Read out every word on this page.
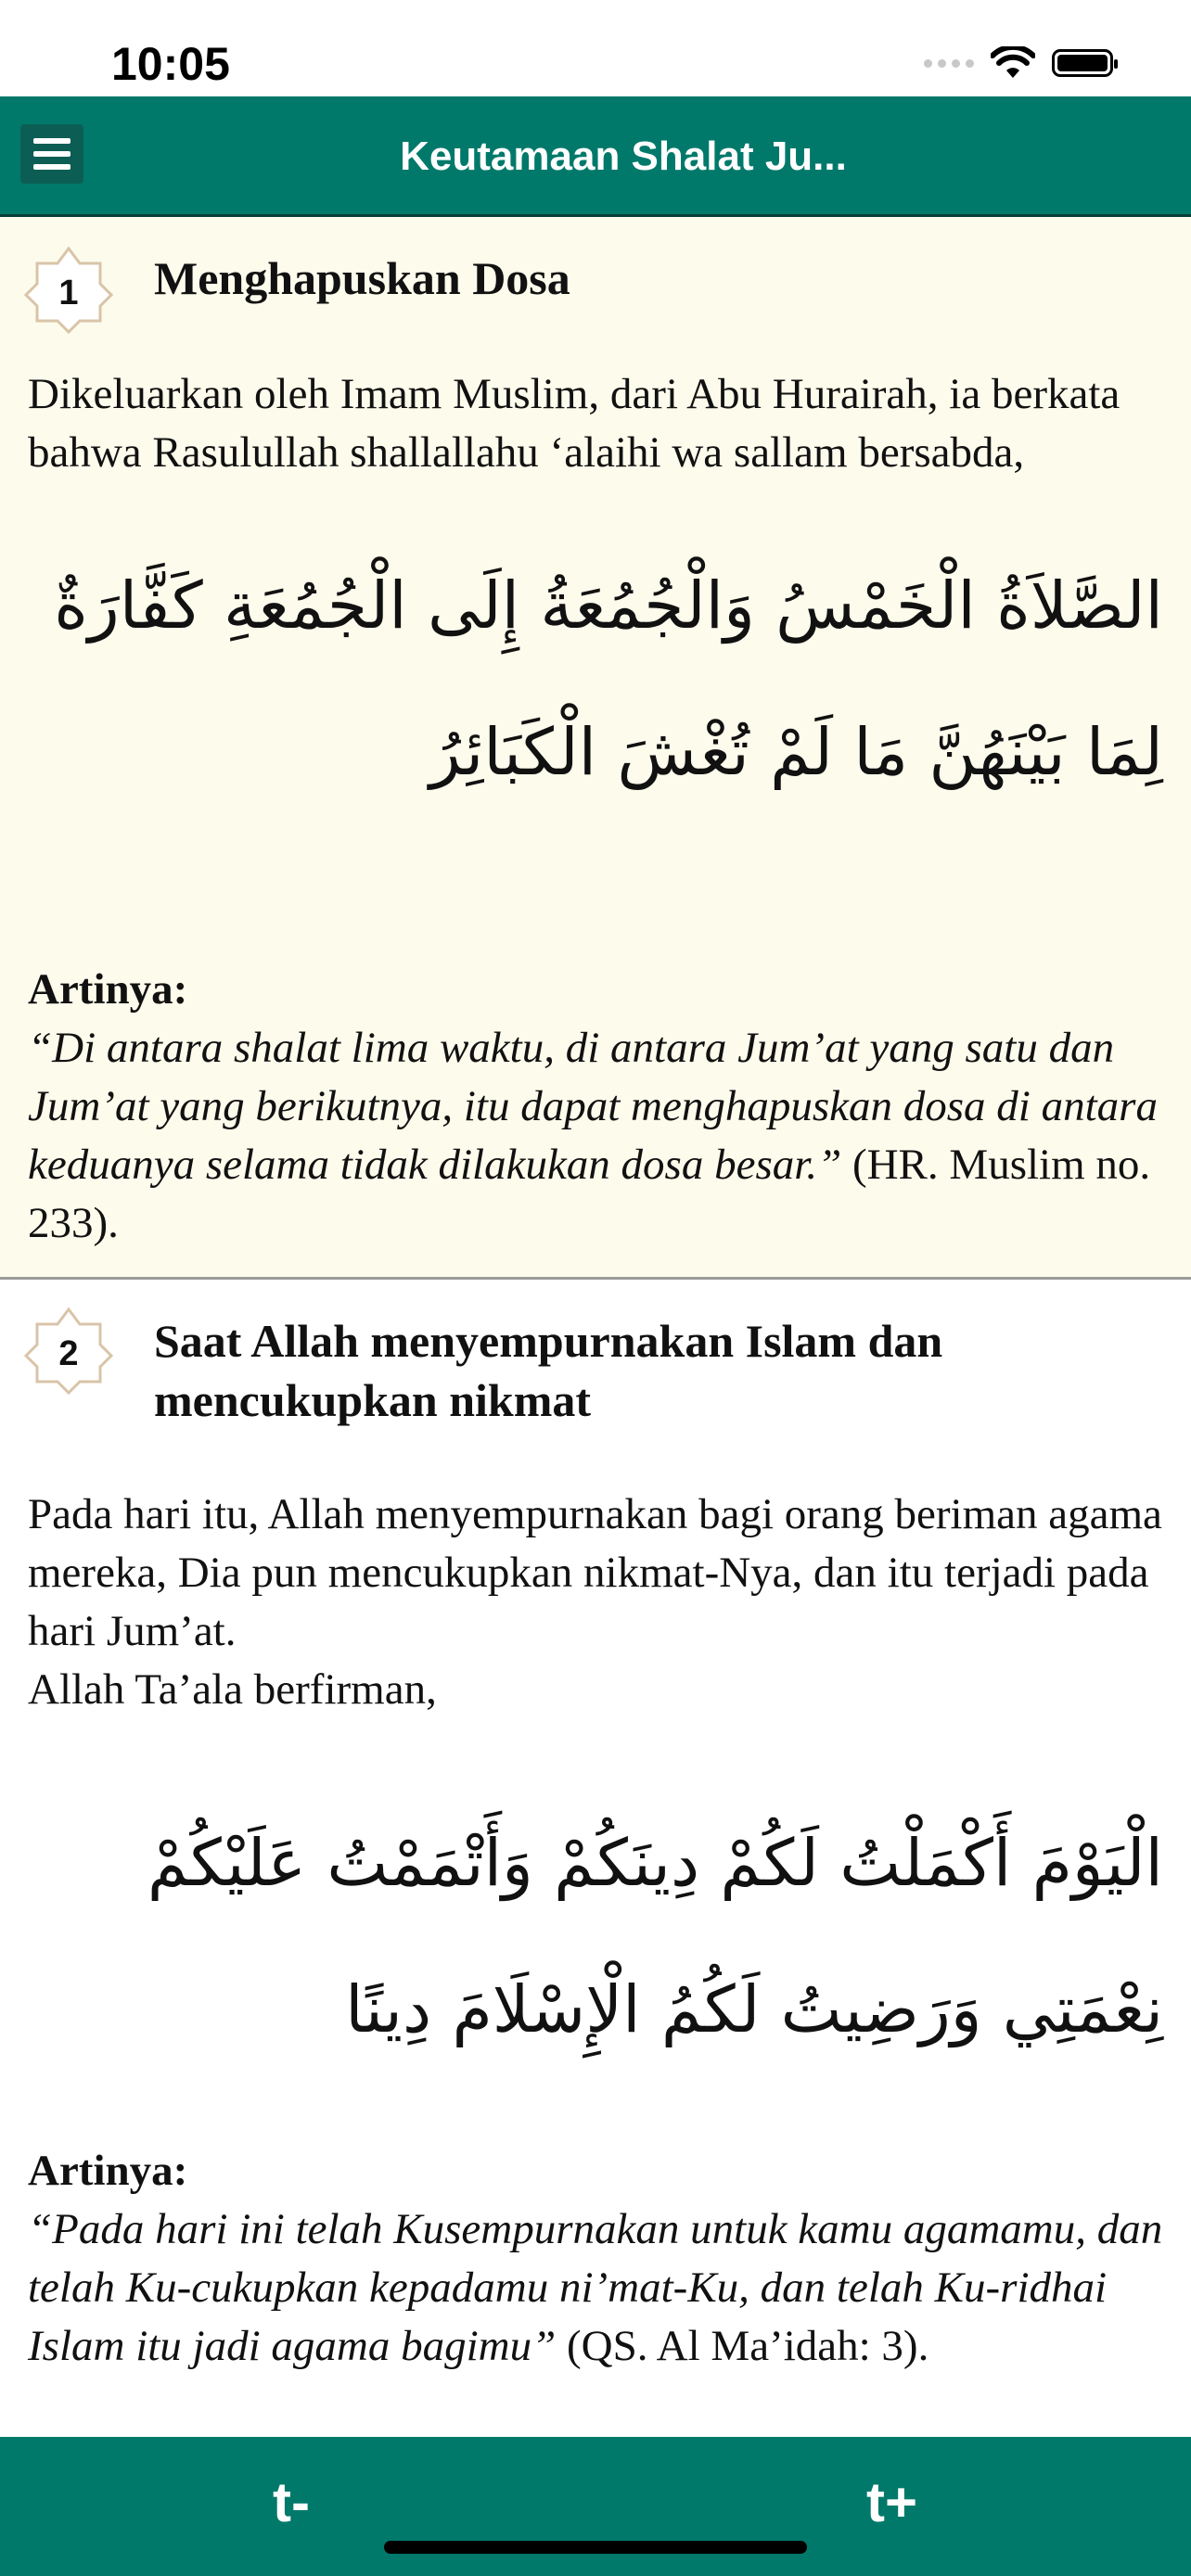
10:05
Keutamaan Shalat Ju...
1 Menghapuskan Dosa
Dikeluarkan oleh Imam Muslim, dari Abu Hurairah, ia berkata bahwa Rasulullah shallallahu ‘alaihi wa sallam bersabda,
الصَّلاَةُ الْخَمْسُ وَالْجُمُعَةُ إِلَى الْجُمُعَةِ كَفَّارَةٌ لِمَا بَيْنَهُنَّ مَا لَمْ تُغْشَ الْكَبَائِرُ
Artinya:
“Di antara shalat lima waktu, di antara Jum’at yang satu dan Jum’at yang berikutnya, itu dapat menghapuskan dosa di antara keduanya selama tidak dilakukan dosa besar.” (HR. Muslim no. 233).
2 Saat Allah menyempurnakan Islam dan mencukupkan nikmat
Pada hari itu, Allah menyempurnakan bagi orang beriman agama mereka, Dia pun mencukupkan nikmat-Nya, dan itu terjadi pada hari Jum’at.
Allah Ta’ala berfirman,
الْيَوْمَ أَكْمَلْتُ لَكُمْ دِينَكُمْ وَأَتْمَمْتُ عَلَيْكُمْ نِعْمَتِي وَرَضِيتُ لَكُمُ الْإِسْلَامَ دِينًا
Artinya:
“Pada hari ini telah Kusempurnakan untuk kamu agamamu, dan telah Ku-cukupkan kepadamu ni’mat-Ku, dan telah Ku-ridhai Islam itu jadi agama bagimu” (QS. Al Ma’idah: 3).
t-	t+
